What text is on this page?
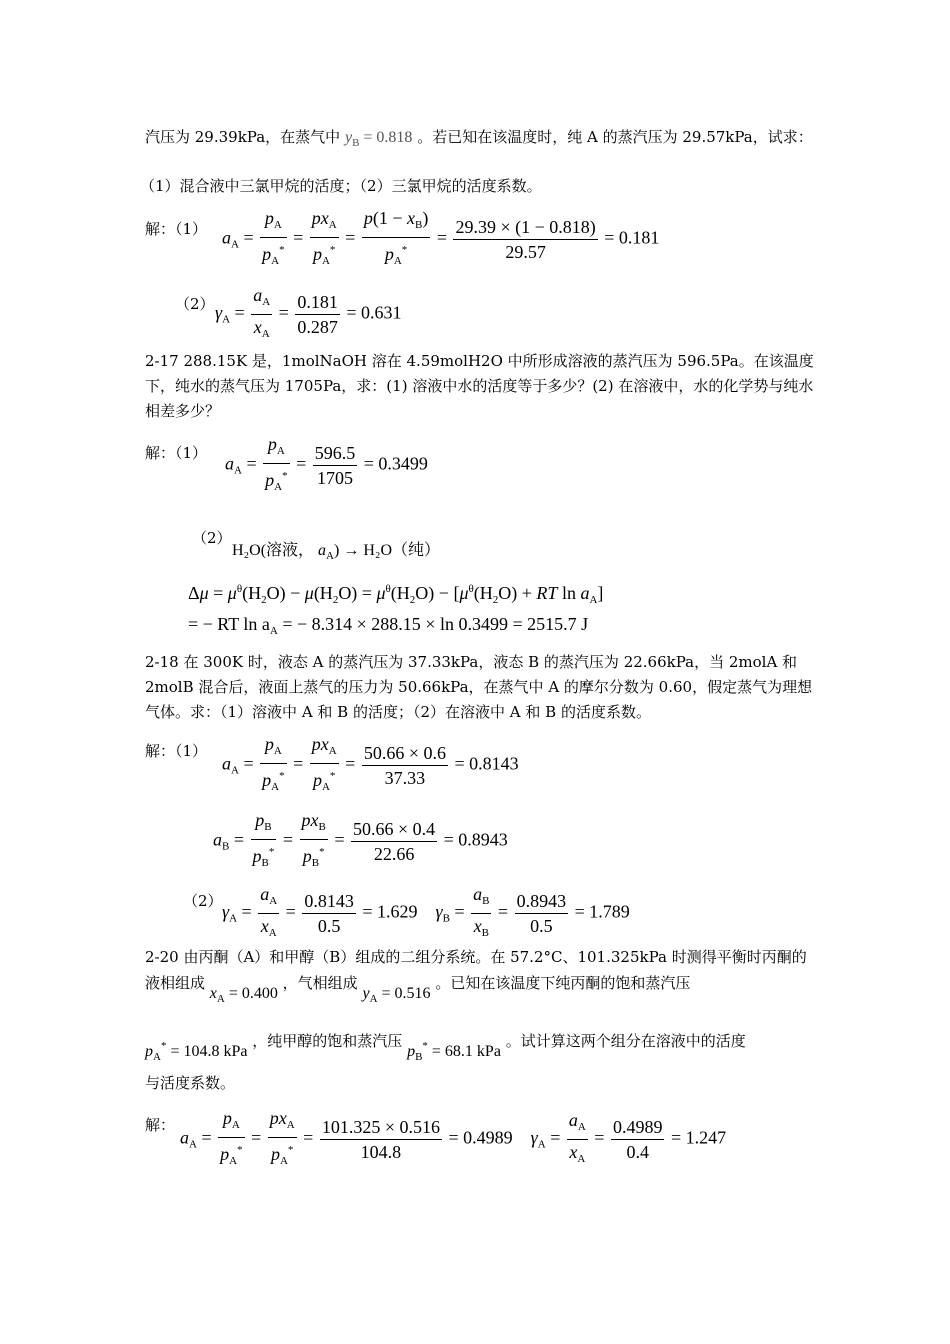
汽压为 29.39kPa，在蒸气中 $y_B = 0.818$ 。若已知在该温度时，纯 A 的蒸汽压为 29.57kPa，试求：
（1）混合液中三氯甲烷的活度；（2）三氯甲烷的活度系数。
解：（1） $a_A = \frac{p_A}{p_A^*} = \frac{px_A}{p_A^*} = \frac{p(1 - x_B)}{p_A^*} = \frac{29.39 \times (1 - 0.818)}{29.57} = 0.181$
（2） $\gamma_A = \frac{a_A}{x_A} = \frac{0.181}{0.287} = 0.631$
2-17 288.15K 是，1molNaOH 溶在 4.59molH2O 中所形成溶液的蒸汽压为 596.5Pa。在该温度下，纯水的蒸气压为 1705Pa，求：(1) 溶液中水的活度等于多少？(2) 在溶液中，水的化学势与纯水相差多少？
解：（1）
$a_A = \frac{p_A}{p_A^*} = \frac{596.5}{1705} = 0.3499$
（2）
H₂O(溶液， $a_A) \to H_2O$（纯）
$\Delta\mu = \mu^\theta(H_2O) - \mu(H_2O) = \mu^\theta(H_2O) - [\mu^\theta(H_2O)$ + RT $\ln a_A$]
= − RT $\ln a_A$ = − 8.314 × 288.15 × ln 0.3499 = 2515.7 J
2-18 在 300K 时，液态 A 的蒸汽压为 37.33kPa，液态 B 的蒸汽压为 22.66kPa，当 2molA 和 2molB 混合后，液面上蒸气的压力为 50.66kPa，在蒸气中 A 的摩尔分数为 0.60，假定蒸气为理想气体。求：（1）溶液中 A 和 B 的活度；（2）在溶液中 A 和 B 的活度系数。
解：（1）
$a_A = \frac{p_A}{p_A^*} = \frac{px_A}{p_A^*} = \frac{50.66 \times 0.6}{37.33} = 0.8143$
$a_B = \frac{p_B}{p_B^*} = \frac{px_B}{p_B^*} = \frac{50.66 \times 0.4}{22.66} = 0.8943$
（2）
$\gamma_A = \frac{a_A}{x_A} = \frac{0.8143}{0.5} = 1.629$ $\gamma_B = \frac{a_B}{x_B} = \frac{0.8943}{0.5} = 1.789$
2-20 由丙酮（A）和甲醇（B）组成的二组分系统。在 57.2°C、101.325kPa 时测得平衡时丙酮的
液相组成 $x_A = 0.400$ ，气相组成 $y_A = 0.516$ 。已知在该温度下纯丙酮的饱和蒸汽压
$p_A^* = 104.8$ kPa ，纯甲醇的饱和蒸汽压 $p_B^* = 68.1$ kPa 。试计算这两个组分在溶液中的活度
与活度系数。
解：
$a_A = \frac{p_A}{p_A^*} = \frac{px_A}{p_A^*} = \frac{101.325 \times 0.516}{104.8} = 0.4989$ $\gamma_A = \frac{a_A}{x_A} = \frac{0.4989}{0.4} = 1.247$
